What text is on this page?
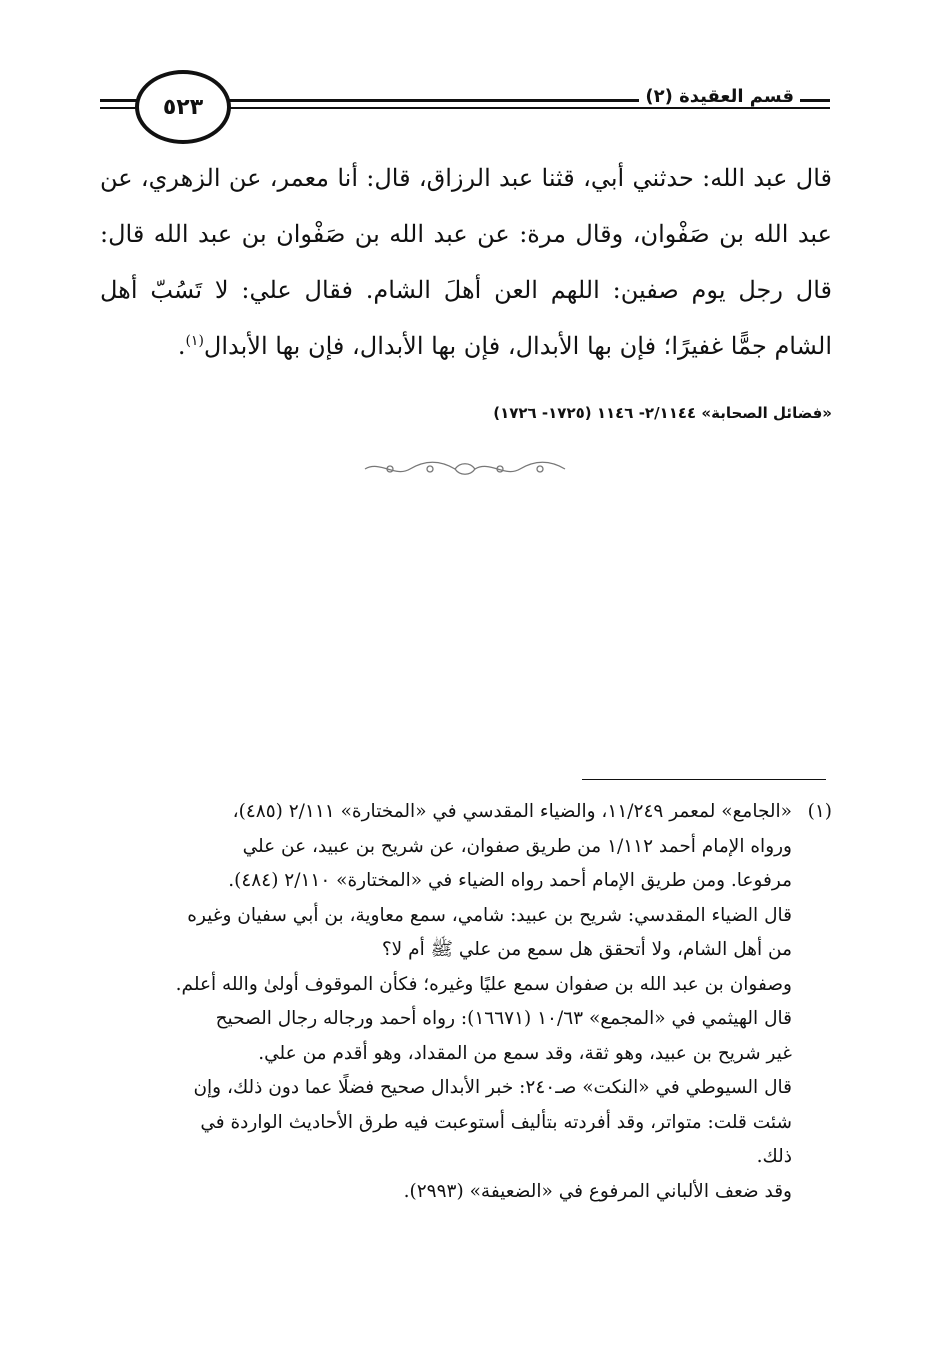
قسم العقيدة (٢)
٥٢٣
قال عبد الله: حدثني أبي، قثنا عبد الرزاق، قال: أنا معمر، عن الزهري، عن عبد الله بن صَفْوان، وقال مرة: عن عبد الله بن صَفْوان بن عبد الله قال: قال رجل يوم صفين: اللهم العن أهلَ الشام. فقال علي: لا تَسُبّ أهل الشام جمًّا غفيرًا؛ فإن بها الأبدال، فإن بها الأبدال، فإن بها الأبدال$^{(١)}$.
«فضائل الصحابة» ٢/١١٤٤- ١١٤٦ (١٧٢٥- ١٧٢٦)
(١)
«الجامع» لمعمر ١١/٢٤٩، والضياء المقدسي في «المختارة» ٢/١١١ (٤٨٥)،
ورواه الإمام أحمد ١/١١٢ من طريق صفوان، عن شريح بن عبيد، عن علي
مرفوعا. ومن طريق الإمام أحمد رواه الضياء في «المختارة» ٢/١١٠ (٤٨٤).
قال الضياء المقدسي: شريح بن عبيد: شامي، سمع معاوية، بن أبي سفيان وغيره
من أهل الشام، ولا أتحقق هل سمع من علي ﷺ أم لا؟
وصفوان بن عبد الله بن صفوان سمع عليًا وغيره؛ فكأن الموقوف أولىٰ والله أعلم.
قال الهيثمي في «المجمع» ١٠/٦٣ (١٦٦٧١): رواه أحمد ورجاله رجال الصحيح
غير شريح بن عبيد، وهو ثقة، وقد سمع من المقداد، وهو أقدم من علي.
قال السيوطي في «النكت» صـ٢٤٠: خبر الأبدال صحيح فضلًا عما دون ذلك، وإن
شئت قلت: متواتر، وقد أفردته بتأليف أستوعبت فيه طرق الأحاديث الواردة في
ذلك.
وقد ضعف الألباني المرفوع في «الضعيفة» (٢٩٩٣).
